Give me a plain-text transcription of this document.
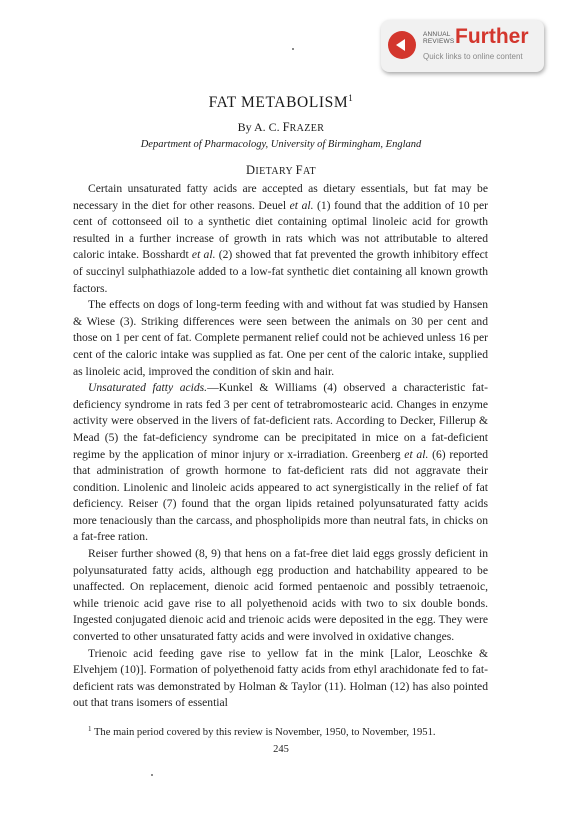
ANNUAL
REVIEWS Further
Quick links to online content
FAT METABOLISM$^1$
By A. C. FRAZER
Department of Pharmacology, University of Birmingham, England
DIETARY FAT

Certain unsaturated fatty acids are accepted as dietary essentials, but fat may be necessary in the diet for other reasons. Deuel et al. (1) found that the addition of 10 per cent of cottonseed oil to a synthetic diet containing optimal linoleic acid for growth resulted in a further increase of growth in rats which was not attributable to altered caloric intake. Bosshardt et al. (2) showed that fat prevented the growth inhibitory effect of succinyl sulphathiazole added to a low-fat synthetic diet containing all known growth factors.

The effects on dogs of long-term feeding with and without fat was studied by Hansen & Wiese (3). Striking differences were seen between the animals on 30 per cent and those on 1 per cent of fat. Complete permanent relief could not be achieved unless 16 per cent of the caloric intake was supplied as fat. One per cent of the caloric intake, supplied as linoleic acid, improved the condition of skin and hair.

Unsaturated fatty acids.—Kunkel & Williams (4) observed a characteristic fat-deficiency syndrome in rats fed 3 per cent of tetrabromostearic acid. Changes in enzyme activity were observed in the livers of fat-deficient rats. According to Decker, Fillerup & Mead (5) the fat-deficiency syndrome can be precipitated in mice on a fat-deficient regime by the application of minor injury or x-irradiation. Greenberg et al. (6) reported that administration of growth hormone to fat-deficient rats did not aggravate their condition. Linolenic and linoleic acids appeared to act synergistically in the relief of fat deficiency. Reiser (7) found that the organ lipids retained polyunsaturated fatty acids more tenaciously than the carcass, and phospholipids more than neutral fats, in chicks on a fat-free ration.

Reiser further showed (8, 9) that hens on a fat-free diet laid eggs grossly deficient in polyunsaturated fatty acids, although egg production and hatchability appeared to be unaffected. On replacement, dienoic acid formed pentaenoic and possibly tetraenoic, while trienoic acid gave rise to all polyethenoid acids with two to six double bonds. Ingested conjugated dienoic acid and trienoic acids were deposited in the egg. They were converted to other unsaturated fatty acids and were involved in oxidative changes.

Trienoic acid feeding gave rise to yellow fat in the mink [Lalor, Leoschke & Elvehjem (10)]. Formation of polyethenoid fatty acids from ethyl arachidonate fed to fat-deficient rats was demonstrated by Holman & Taylor (11). Holman (12) has also pointed out that trans isomers of essential

$^1$ The main period covered by this review is November, 1950, to November, 1951.
245
